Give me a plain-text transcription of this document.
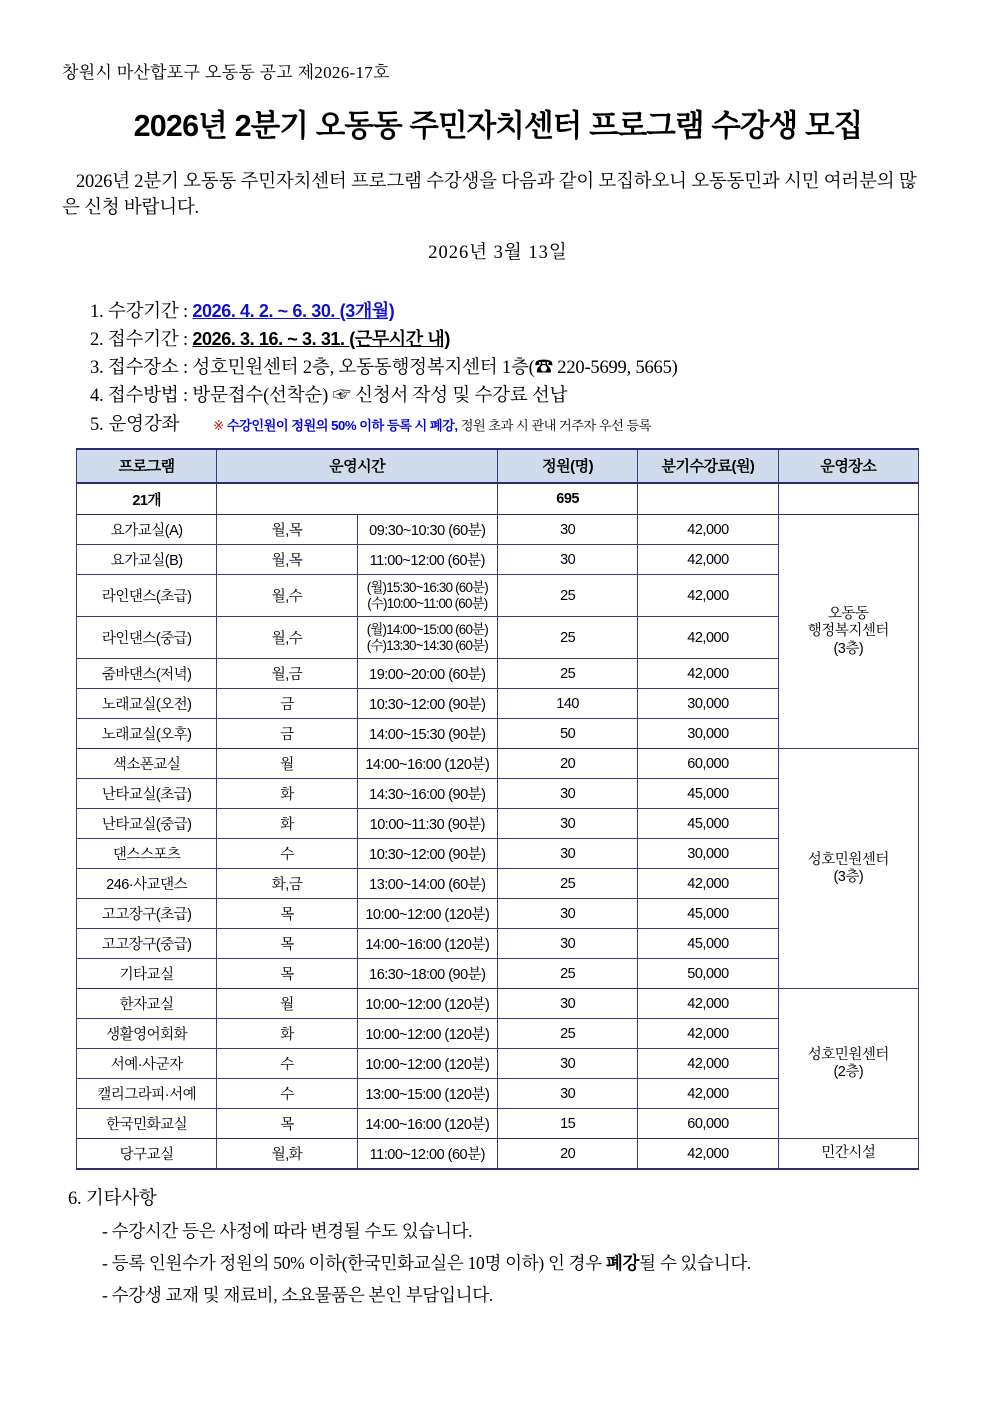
창원시 마산합포구 오동동 공고 제2026-17호
2026년 2분기 오동동 주민자치센터 프로그램 수강생 모집

2026년 2분기 오동동 주민자치센터 프로그램 수강생을 다음과 같이 모집하오니 오동동민과 시민 여러분의 많은 신청 바랍니다.

2026년 3월 13일
1. 수강기간 : 2026. 4. 2. ~ 6. 30. (3개월)
2. 접수기간 : 2026. 3. 16. ~ 3. 31. (근무시간 내)
3. 접수장소 : 성호민원센터 2층, 오동동행정복지센터 1층(☎ 220-5699, 5665)
4. 접수방법 : 방문접수(선착순) ☞ 신청서 작성 및 수강료 선납
5. 운영강좌	※ 수강인원이 정원의 50% 이하 등록 시 폐강, 정원 초과 시 관내 거주자 우선 등록
프로그램	운영시간		정원(명)	분기수강료(원)	운영장소
21개			695		
요가교실(A)	월,목	09:30~10:30 (60분)	30	42,000	오동동
행정복지센터
(3층)

요가교실(B)	월,목	11:00~12:00 (60분)	30	42,000	
라인댄스(초급)	월,수	(월)15:30~16:30 (60분)
(수)10:00~11:00 (60분)	25	42,000	
라인댄스(중급)	월,수	(월)14:00~15:00 (60분)
(수)13:30~14:30 (60분)	25	42,000	
줌바댄스(저녁)	월,금	19:00~20:00 (60분)	25	42,000	
노래교실(오전)	금	10:30~12:00 (90분)	140	30,000	
노래교실(오후)	금	14:00~15:30 (90분)	50	30,000	
색소폰교실	월	14:00~16:00 (120분)	20	60,000	성호민원센터
(3층)

난타교실(초급)	화	14:30~16:00 (90분)	30	45,000	
난타교실(중급)	화	10:00~11:30 (90분)	30	45,000	
댄스스포츠	수	10:30~12:00 (90분)	30	30,000	
246·사교댄스	화,금	13:00~14:00 (60분)	25	42,000	
고고장구(초급)	목	10:00~12:00 (120분)	30	45,000	
고고장구(중급)	목	14:00~16:00 (120분)	30	45,000	
기타교실	목	16:30~18:00 (90분)	25	50,000	
한자교실	월	10:00~12:00 (120분)	30	42,000	성호민원센터
(2층)

생활영어회화	화	10:00~12:00 (120분)	25	42,000	
서예·사군자	수	10:00~12:00 (120분)	30	42,000	
캘리그라피·서예	수	13:00~15:00 (120분)	30	42,000	
한국민화교실	목	14:00~16:00 (120분)	15	60,000	
당구교실	월,화	11:00~12:00 (60분)	20	42,000	민간시설
6. 기타사항
- 수강시간 등은 사정에 따라 변경될 수도 있습니다.
- 등록 인원수가 정원의 50% 이하(한국민화교실은 10명 이하) 인 경우 폐강될 수 있습니다.
- 수강생 교재 및 재료비, 소요물품은 본인 부담입니다.
